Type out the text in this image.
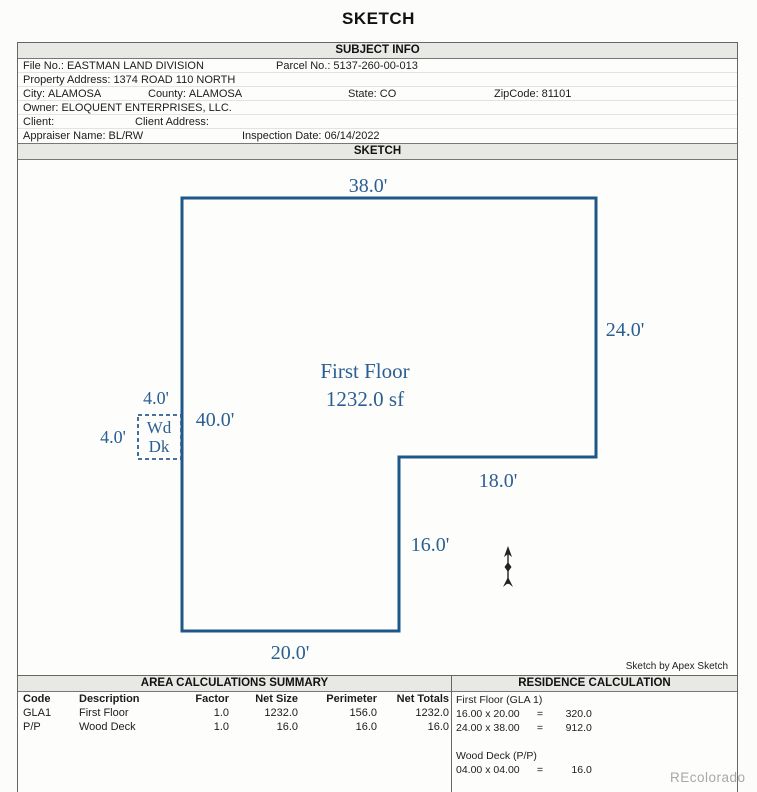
SKETCH
SUBJECT INFO
File No.: EASTMAN LAND DIVISION	Parcel No.: 5137-260-00-013
Property Address: 1374 ROAD 110 NORTH
City: ALAMOSA	County: ALAMOSA	State: CO	ZipCode: 81101
Owner: ELOQUENT ENTERPRISES, LLC.
Client:	Client Address:
Appraiser Name: BL/RW	Inspection Date: 06/14/2022
SKETCH
38.0'
24.0'
40.0'
18.0'
16.0'
20.0'
4.0'
4.0' Wd
Dk
First Floor
1232.0 sf
Sketch by Apex Sketch
AREA CALCULATIONS SUMMARY
Code	Description	Factor	Net Size	Perimeter	Net Totals
GLA1	First Floor	1.0	1232.0	156.0	1232.0
P/P	Wood Deck	1.0	16.0	16.0	16.0
RESIDENCE CALCULATION
First Floor (GLA 1)
16.00 x 20.00 = 320.0
24.00 x 38.00 = 912.0
Wood Deck (P/P)
04.00 x 04.00 =	16.0	REcolorado
